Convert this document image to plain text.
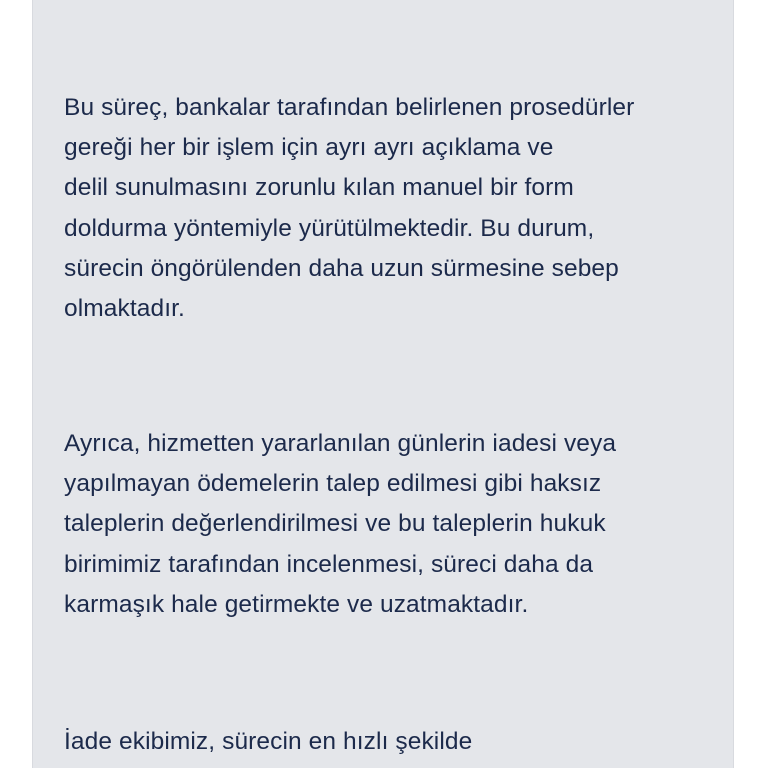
Bu süreç, bankalar tarafından belirlenen prosedürler
gereği her bir işlem için ayrı ayrı açıklama ve
delil sunulmasını zorunlu kılan manuel bir form
doldurma yöntemiyle yürütülmektedir. Bu durum,
sürecin öngörülenden daha uzun sürmesine sebep
olmaktadır.

Ayrıca, hizmetten yararlanılan günlerin iadesi veya
yapılmayan ödemelerin talep edilmesi gibi haksız
taleplerin değerlendirilmesi ve bu taleplerin hukuk
birimimiz tarafından incelenmesi, süreci daha da
karmaşık hale getirmekte ve uzatmaktadır.

İade ekibimiz, sürecin en hızlı şekilde
